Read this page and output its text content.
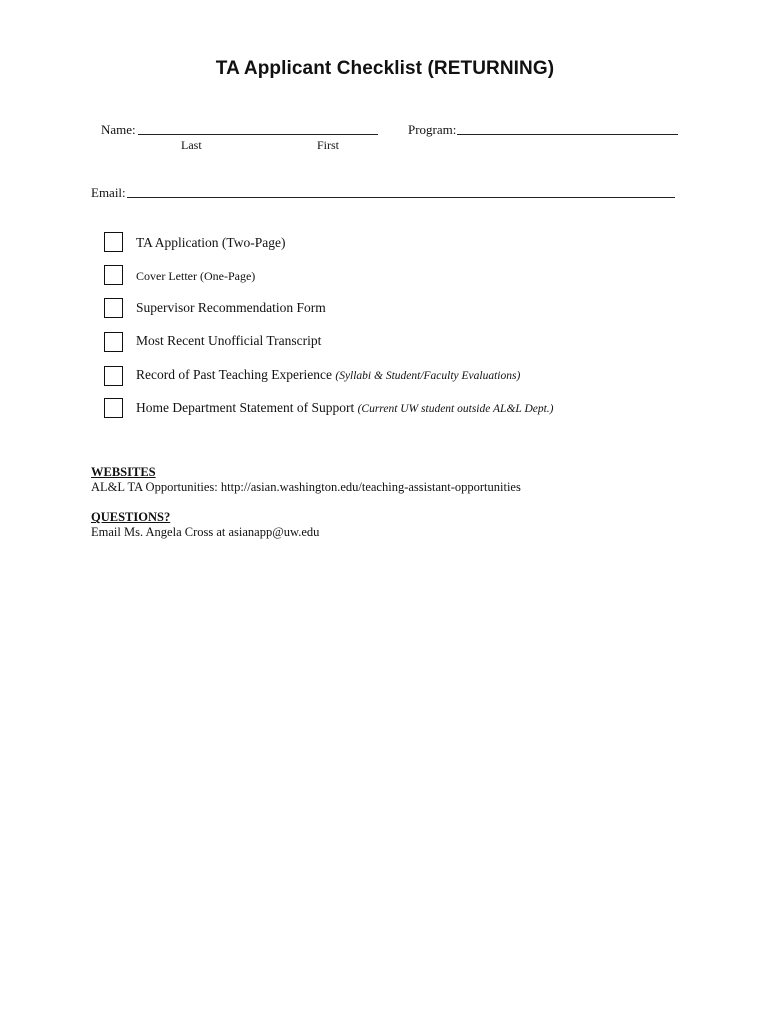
TA Applicant Checklist (RETURNING)
Name:
Last	First
Program:
Email:
TA Application (Two-Page)
Cover Letter (One-Page)
Supervisor Recommendation Form
Most Recent Unofficial Transcript
Record of Past Teaching Experience (Syllabi & Student/Faculty Evaluations)
Home Department Statement of Support (Current UW student outside AL&L Dept.)
WEBSITES
AL&L TA Opportunities: http://asian.washington.edu/teaching-assistant-opportunities
QUESTIONS?
Email Ms. Angela Cross at asianapp@uw.edu
